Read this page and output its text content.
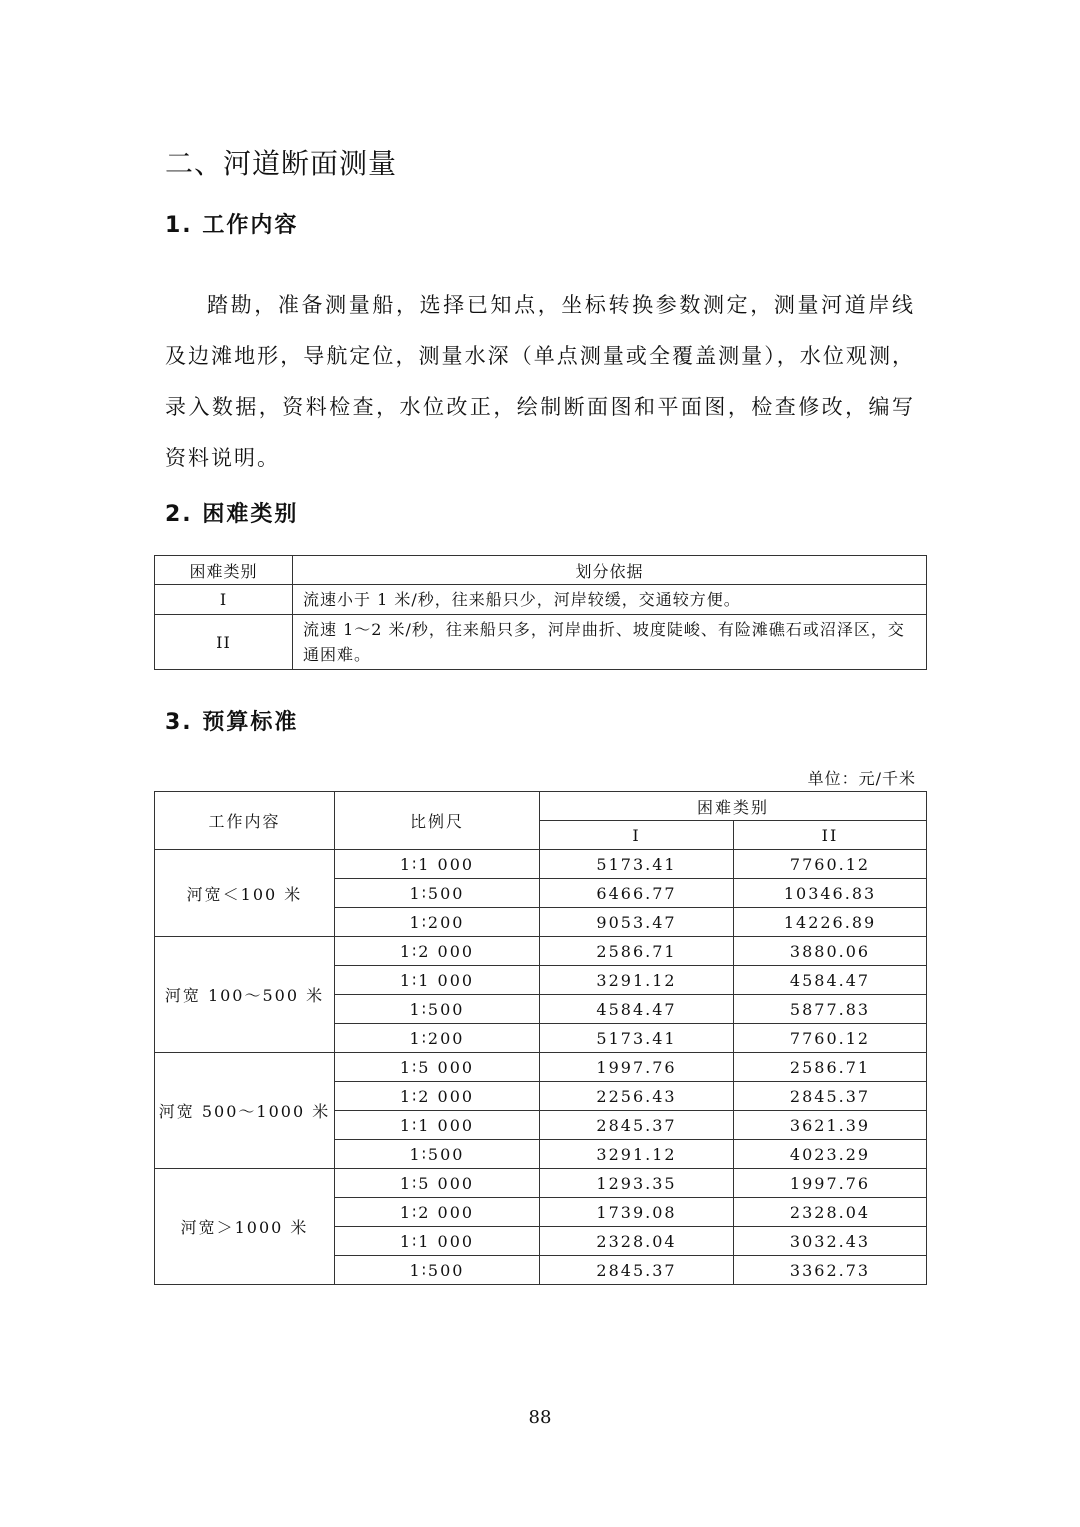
二、河道断面测量
1. 工作内容
踏勘，准备测量船，选择已知点，坐标转换参数测定，测量河道岸线及边滩地形，导航定位，测量水深（单点测量或全覆盖测量），水位观测，录入数据，资料检查，水位改正，绘制断面图和平面图，检查修改，编写资料说明。
2. 困难类别
困难类别	划分依据
I	流速小于 1 米/秒，往来船只少，河岸较缓，交通较方便。
II	流速 1～2 米/秒，往来船只多，河岸曲折、坡度陡峻、有险滩礁石或沼泽区，交通困难。
3. 预算标准
单位：元/千米
工作内容	比例尺	困难类别	
		I	II
河宽＜100 米	1∶1 000	5173.41	7760.12
	1∶500	6466.77	10346.83
	1∶200	9053.47	14226.89
河宽 100～500 米	1∶2 000	2586.71	3880.06
	1∶1 000	3291.12	4584.47
	1∶500	4584.47	5877.83
	1∶200	5173.41	7760.12
河宽 500～1000 米	1∶5 000	1997.76	2586.71
	1∶2 000	2256.43	2845.37
	1∶1 000	2845.37	3621.39
	1∶500	3291.12	4023.29
河宽＞1000 米	1∶5 000	1293.35	1997.76
	1∶2 000	1739.08	2328.04
	1∶1 000	2328.04	3032.43
	1∶500	2845.37	3362.73
88
